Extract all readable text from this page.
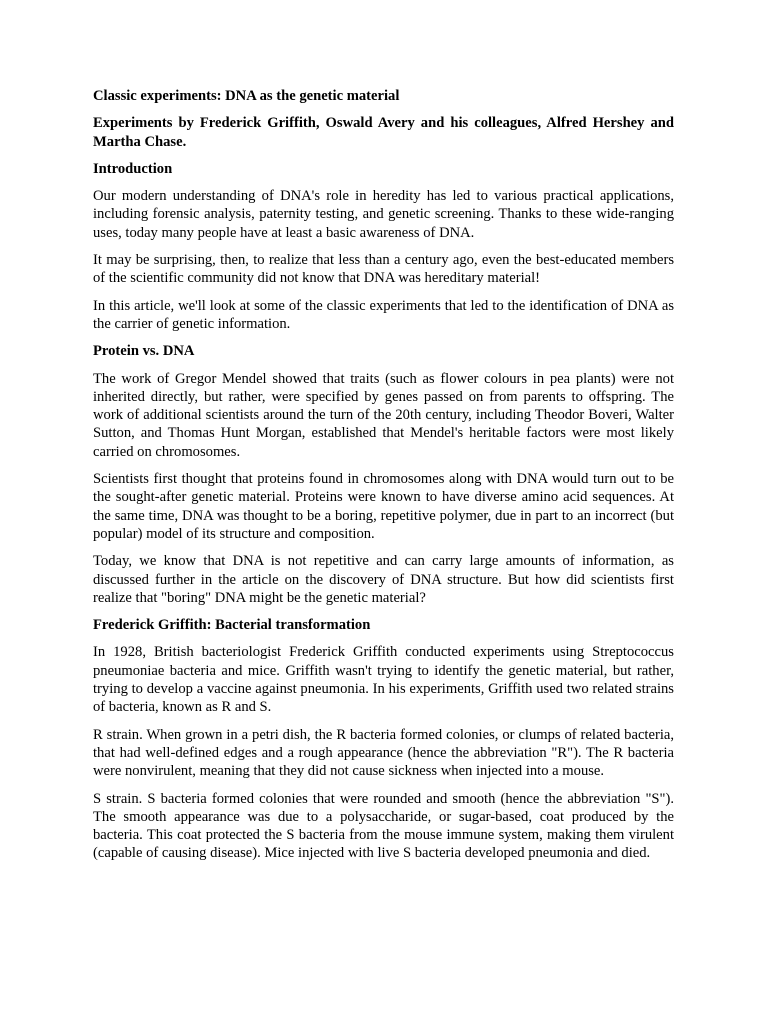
Classic experiments: DNA as the genetic material
Experiments by Frederick Griffith, Oswald Avery and his colleagues, Alfred Hershey and Martha Chase.
Introduction

Our modern understanding of DNA's role in heredity has led to various practical applications, including forensic analysis, paternity testing, and genetic screening. Thanks to these wide-ranging uses, today many people have at least a basic awareness of DNA.

It may be surprising, then, to realize that less than a century ago, even the best-educated members of the scientific community did not know that DNA was hereditary material!

In this article, we'll look at some of the classic experiments that led to the identification of DNA as the carrier of genetic information.

Protein vs. DNA

The work of Gregor Mendel showed that traits (such as flower colours in pea plants) were not inherited directly, but rather, were specified by genes passed on from parents to offspring. The work of additional scientists around the turn of the 20th century, including Theodor Boveri, Walter Sutton, and Thomas Hunt Morgan, established that Mendel's heritable factors were most likely carried on chromosomes.

Scientists first thought that proteins found in chromosomes along with DNA would turn out to be the sought-after genetic material. Proteins were known to have diverse amino acid sequences. At the same time, DNA was thought to be a boring, repetitive polymer, due in part to an incorrect (but popular) model of its structure and composition.

Today, we know that DNA is not repetitive and can carry large amounts of information, as discussed further in the article on the discovery of DNA structure. But how did scientists first realize that "boring" DNA might be the genetic material?

Frederick Griffith: Bacterial transformation

In 1928, British bacteriologist Frederick Griffith conducted experiments using Streptococcus pneumoniae bacteria and mice. Griffith wasn't trying to identify the genetic material, but rather, trying to develop a vaccine against pneumonia. In his experiments, Griffith used two related strains of bacteria, known as R and S.

R strain. When grown in a petri dish, the R bacteria formed colonies, or clumps of related bacteria, that had well-defined edges and a rough appearance (hence the abbreviation "R"). The R bacteria were nonvirulent, meaning that they did not cause sickness when injected into a mouse.

S strain. S bacteria formed colonies that were rounded and smooth (hence the abbreviation "S"). The smooth appearance was due to a polysaccharide, or sugar-based, coat produced by the bacteria. This coat protected the S bacteria from the mouse immune system, making them virulent (capable of causing disease). Mice injected with live S bacteria developed pneumonia and died.
